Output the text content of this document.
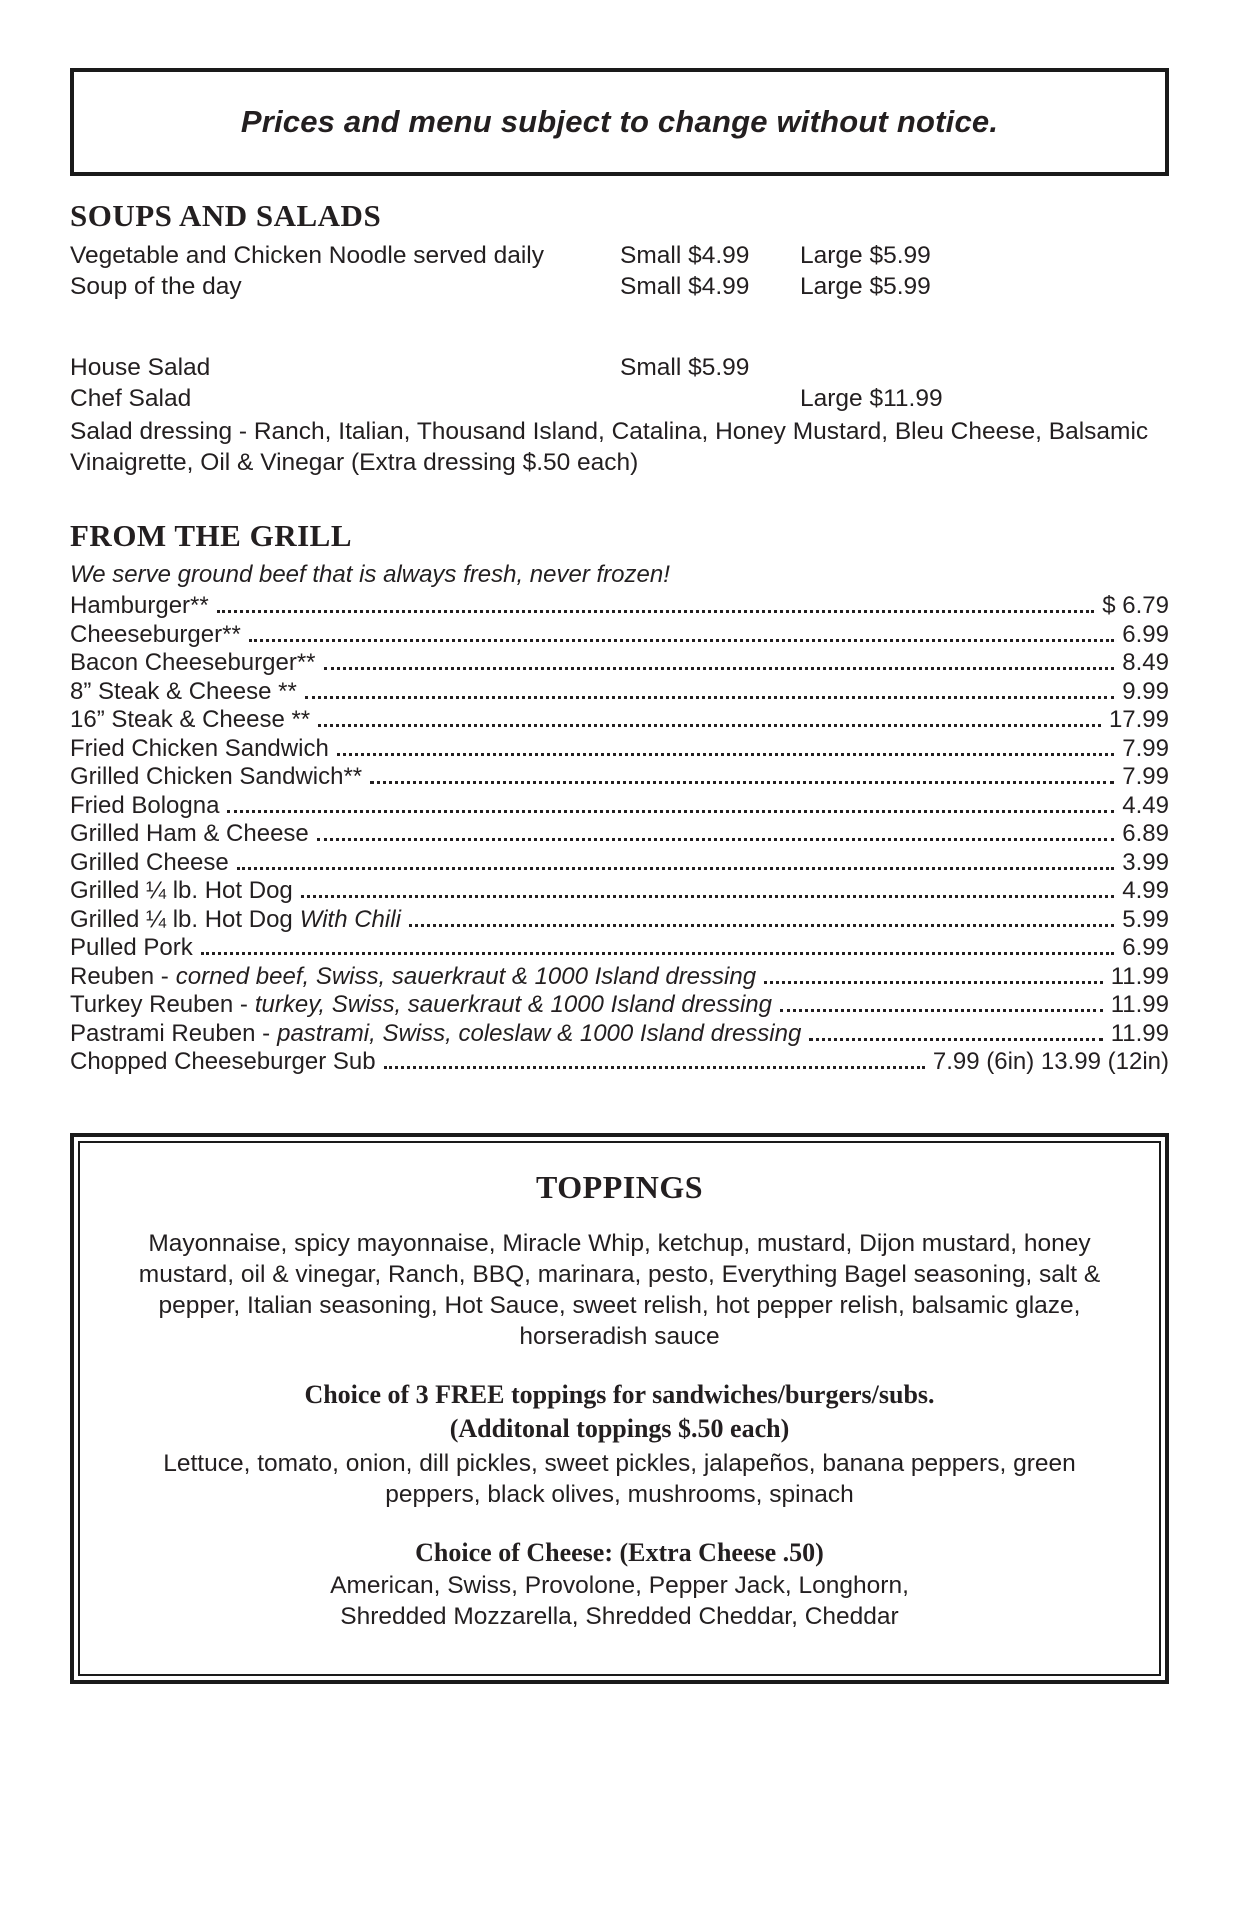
Prices and menu subject to change without notice.
SOUPS AND SALADS
Vegetable and Chicken Noodle served daily	Small $4.99	Large $5.99
Soup of the day	Small $4.99	Large $5.99
House Salad	Small $5.99
Chef Salad	Large $11.99
Salad dressing - Ranch, Italian, Thousand Island, Catalina, Honey Mustard, Bleu Cheese, Balsamic Vinaigrette, Oil & Vinegar (Extra dressing $.50 each)
FROM THE GRILL
We serve ground beef that is always fresh, never frozen!
Hamburger**	$ 6.79
Cheeseburger**	6.99
Bacon Cheeseburger**	8.49
8” Steak & Cheese **	9.99
16” Steak & Cheese **	17.99
Fried Chicken Sandwich	7.99
Grilled Chicken Sandwich**	7.99
Fried Bologna	4.49
Grilled Ham & Cheese	6.89
Grilled Cheese	3.99
Grilled ¼ lb. Hot Dog	4.99
Grilled ¼ lb. Hot Dog With Chili	5.99
Pulled Pork	6.99
Reuben - corned beef, Swiss, sauerkraut & 1000 Island dressing	11.99
Turkey Reuben - turkey, Swiss, sauerkraut & 1000 Island dressing	11.99
Pastrami Reuben - pastrami, Swiss, coleslaw & 1000 Island dressing	11.99
Chopped Cheeseburger Sub	7.99 (6in) 13.99 (12in)
TOPPINGS
Mayonnaise, spicy mayonnaise, Miracle Whip, ketchup, mustard, Dijon mustard, honey mustard, oil & vinegar, Ranch, BBQ, marinara, pesto, Everything Bagel seasoning, salt & pepper, Italian seasoning, Hot Sauce, sweet relish, hot pepper relish, balsamic glaze, horseradish sauce
Choice of 3 FREE toppings for sandwiches/burgers/subs.
(Additonal toppings $.50 each)
Lettuce, tomato, onion, dill pickles, sweet pickles, jalapeños, banana peppers, green peppers, black olives, mushrooms, spinach
Choice of Cheese: (Extra Cheese .50)
American, Swiss, Provolone, Pepper Jack, Longhorn,
Shredded Mozzarella, Shredded Cheddar, Cheddar
